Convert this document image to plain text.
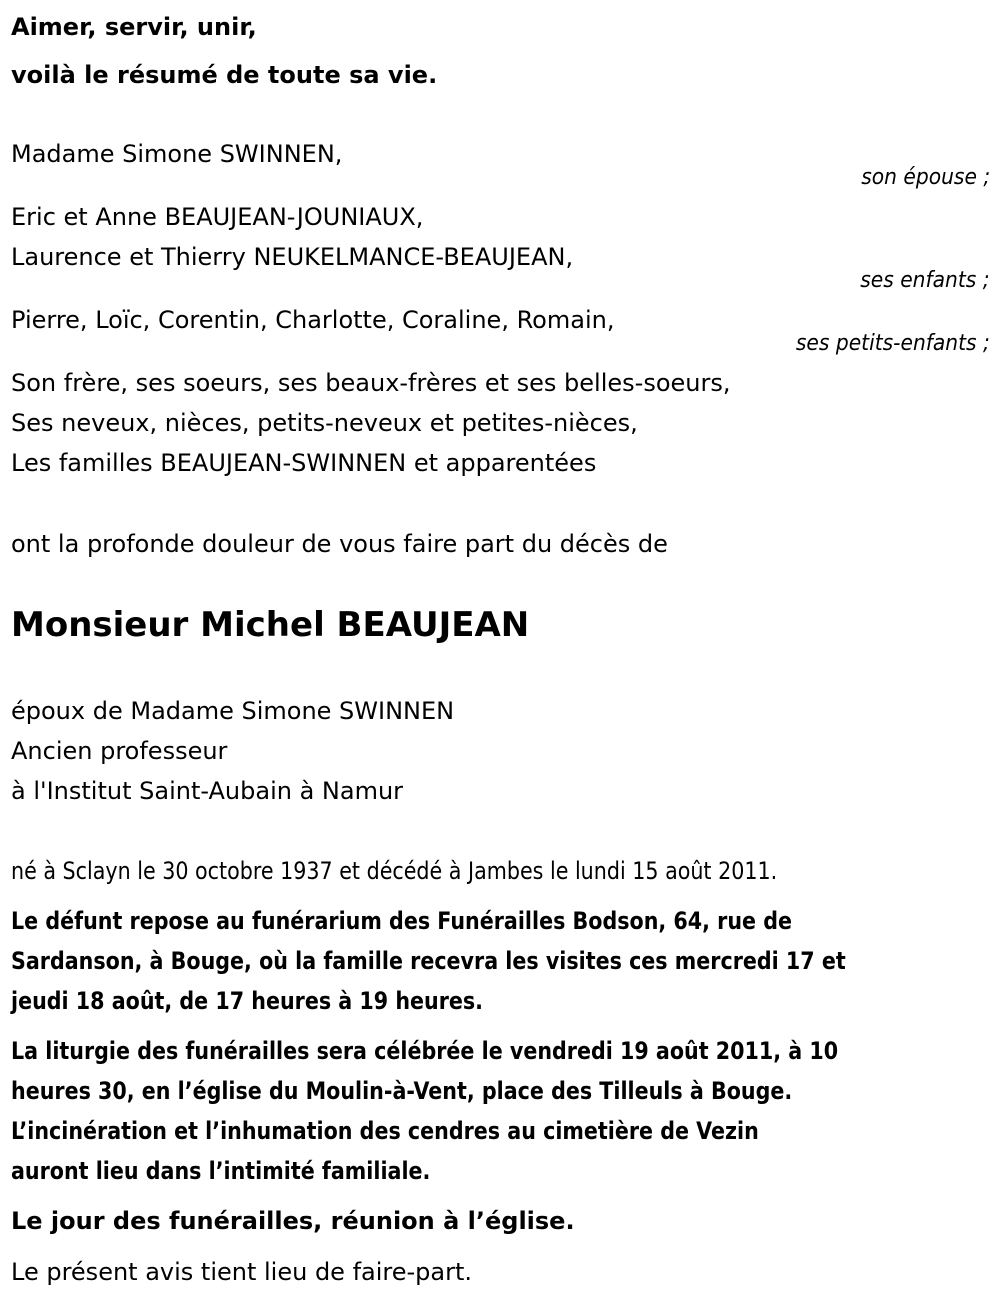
Aimer, servir, unir,
voilà le résumé de toute sa vie.
Madame Simone SWINNEN,
son épouse ;
Eric et Anne BEAUJEAN-JOUNIAUX,
Laurence et Thierry NEUKELMANCE-BEAUJEAN,
ses enfants ;
Pierre, Loïc, Corentin, Charlotte, Coraline, Romain,
ses petits-enfants ;
Son frère, ses soeurs, ses beaux-frères et ses belles-soeurs,
Ses neveux, nièces, petits-neveux et petites-nièces,
Les familles BEAUJEAN-SWINNEN et apparentées
ont la profonde douleur de vous faire part du décès de
Monsieur Michel BEAUJEAN
époux de Madame Simone SWINNEN
Ancien professeur
à l'Institut Saint-Aubain à Namur
né à Sclayn le 30 octobre 1937 et décédé à Jambes le lundi 15 août 2011.
Le défunt repose au funérarium des Funérailles Bodson, 64, rue de
Sardanson, à Bouge, où la famille recevra les visites ces mercredi 17 et
jeudi 18 août, de 17 heures à 19 heures.
La liturgie des funérailles sera célébrée le vendredi 19 août 2011, à 10
heures 30, en l’église du Moulin-à-Vent, place des Tilleuls à Bouge.
L’incinération et l’inhumation des cendres au cimetière de Vezin
auront lieu dans l’intimité familiale.
Le jour des funérailles, réunion à l’église.
Le présent avis tient lieu de faire-part.
